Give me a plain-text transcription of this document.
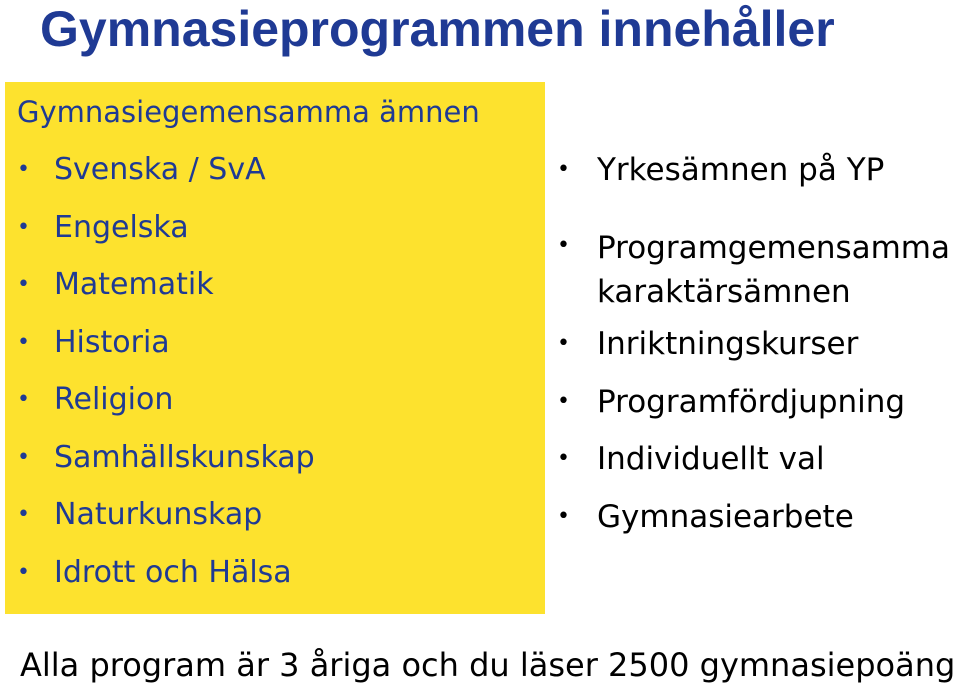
Gymnasieprogrammen innehåller
Gymnasiegemensamma ämnen
• Svenska / SvA
• Engelska
• Matematik
• Historia
• Religion
• Samhällskunskap
• Naturkunskap
• Idrott och Hälsa
• Yrkesämnen på YP
• Programgemensamma karaktärsämnen
• Inriktningskurser
• Programfördjupning
• Individuellt val
• Gymnasiearbete
Alla program är 3 åriga och du läser 2500 gymnasiepoäng
